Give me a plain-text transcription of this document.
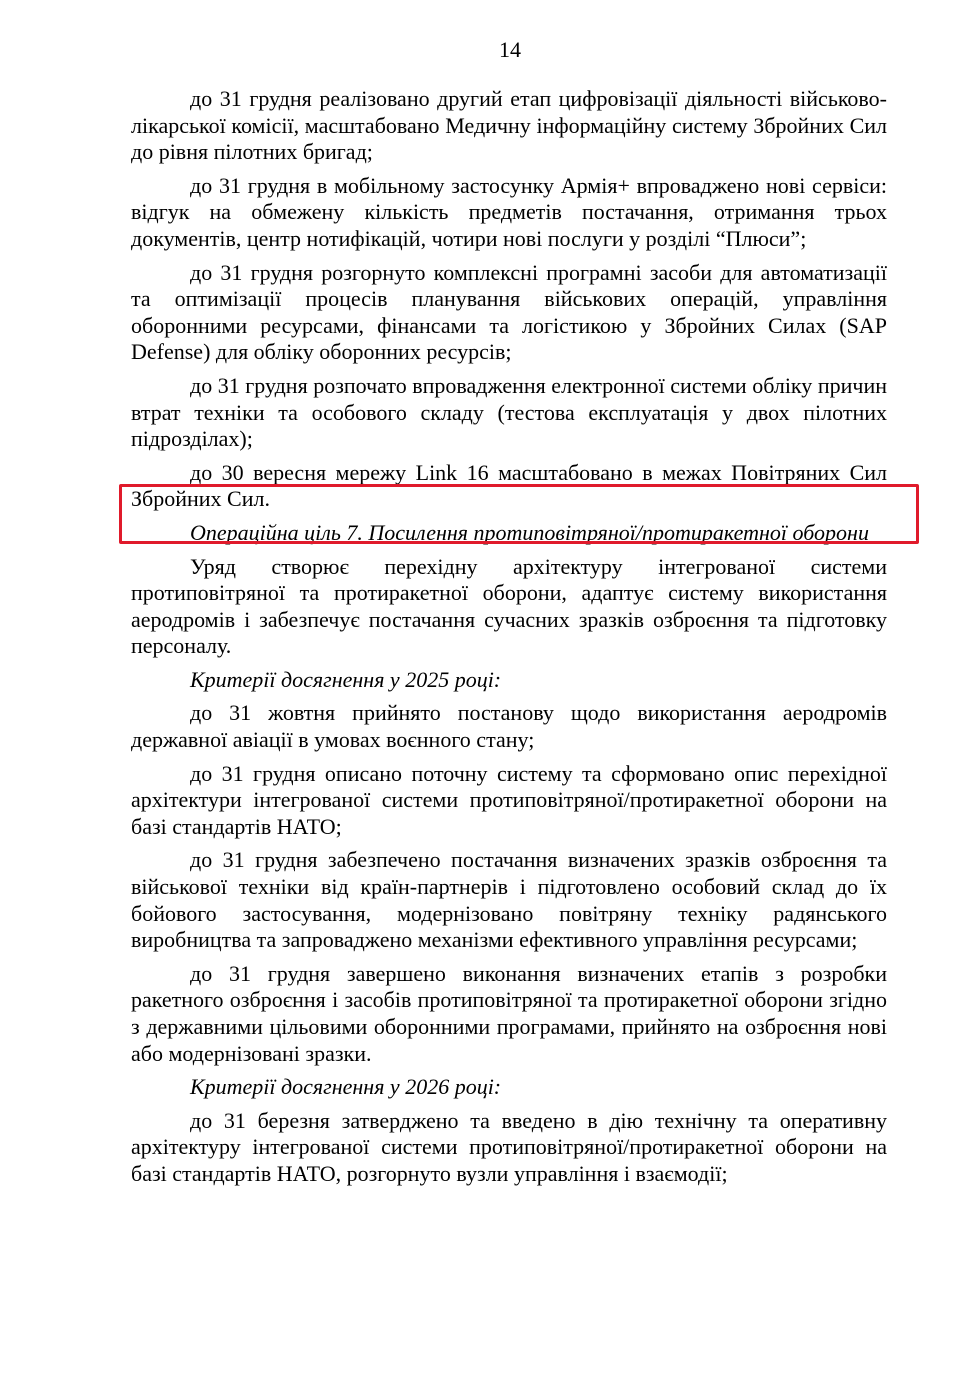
14

до 31 грудня реалізовано другий етап цифровізації діяльності військово-лікарської комісії, масштабовано Медичну інформаційну систему Збройних Сил до рівня пілотних бригад;

до 31 грудня в мобільному застосунку Армія+ впроваджено нові сервіси: відгук на обмежену кількість предметів постачання, отримання трьох документів, центр нотифікацій, чотири нові послуги у розділі “Плюси”;

до 31 грудня розгорнуто комплексні програмні засоби для автоматизації та оптимізації процесів планування військових операцій, управління оборонними ресурсами, фінансами та логістикою у Збройних Силах (SAP Defense) для обліку оборонних ресурсів;

до 31 грудня розпочато впровадження електронної системи обліку причин втрат техніки та особового складу (тестова експлуатація у двох пілотних підрозділах);

до 30 вересня мережу Link 16 масштабовано в межах Повітряних Сил Збройних Сил.

Операційна ціль 7. Посилення протиповітряної/протиракетної оборони

Уряд створює перехідну архітектуру інтегрованої системи протиповітряної та протиракетної оборони, адаптує систему використання аеродромів і забезпечує постачання сучасних зразків озброєння та підготовку персоналу.

Критерії досягнення у 2025 році:

до 31 жовтня прийнято постанову щодо використання аеродромів державної авіації в умовах воєнного стану;

до 31 грудня описано поточну систему та сформовано опис перехідної архітектури інтегрованої системи протиповітряної/протиракетної оборони на базі стандартів НАТО;

до 31 грудня забезпечено постачання визначених зразків озброєння та військової техніки від країн-партнерів і підготовлено особовий склад до їх бойового застосування, модернізовано повітряну техніку радянського виробництва та запроваджено механізми ефективного управління ресурсами;

до 31 грудня завершено виконання визначених етапів з розробки ракетного озброєння і засобів протиповітряної та протиракетної оборони згідно з державними цільовими оборонними програмами, прийнято на озброєння нові або модернізовані зразки.

Критерії досягнення у 2026 році:

до 31 березня затверджено та введено в дію технічну та оперативну архітектуру інтегрованої системи протиповітряної/протиракетної оборони на базі стандартів НАТО, розгорнуто вузли управління і взаємодії;
